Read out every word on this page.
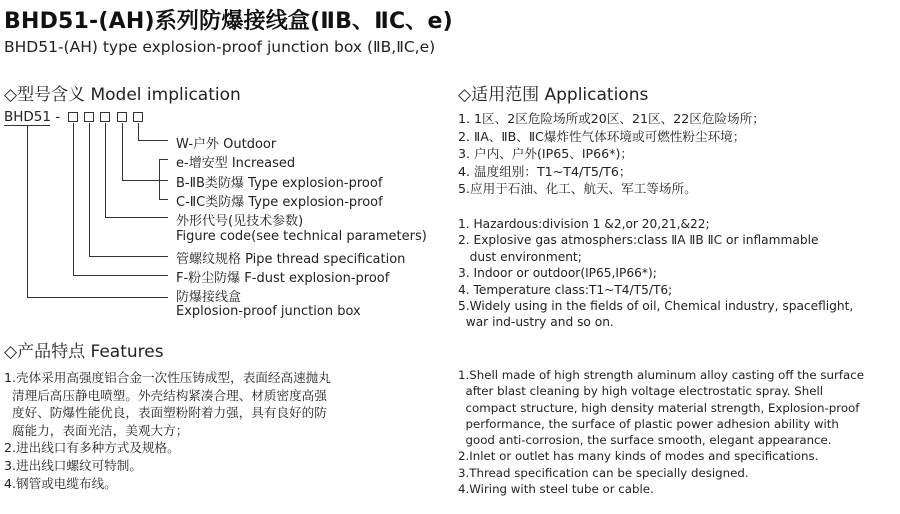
BHD51-(AH)系列防爆接线盒(ⅡB、ⅡC、e)
BHD51-(AH) type explosion-proof junction box (ⅡB,ⅡC,e)
◇型号含义 Model implication
BHD51 -
W-户外 Outdoor
e-增安型 Increased
B-ⅡB类防爆 Type explosion-proof
C-ⅡC类防爆 Type explosion-proof
外形代号(见技术参数)
Figure code(see technical parameters)
管螺纹规格 Pipe thread specification
F-粉尘防爆 F-dust explosion-proof
防爆接线盒
Explosion-proof junction box
◇产品特点 Features
1.壳体采用高强度铝合金一次性压铸成型，表面经高速抛丸
清理后高压静电喷塑。外壳结构紧凑合理、材质密度高强
度好、防爆性能优良，表面塑粉附着力强，具有良好的防
腐能力，表面光洁，美观大方；
2.进出线口有多种方式及规格。
3.进出线口螺纹可特制。
4.钢管或电缆布线。
◇适用范围 Applications
1. 1区、2区危险场所或20区、21区、22区危险场所；
2. ⅡA、ⅡB、ⅡC爆炸性气体环境或可燃性粉尘环境；
3. 户内、户外(IP65、IP66*)；
4. 温度组别：T1~T4/T5/T6；
5.应用于石油、化工、航天、军工等场所。
1. Hazardous:division 1 &2,or 20,21,&22;
2. Explosive gas atmosphers:class ⅡA ⅡB ⅡC or inflammable
dust environment;
3. Indoor or outdoor(IP65,IP66*);
4. Temperature class:T1~T4/T5/T6;
5.Widely using in the fields of oil, Chemical industry, spaceflight,
war ind-ustry and so on.
1.Shell made of high strength aluminum alloy casting off the surface
after blast cleaning by high voltage electrostatic spray. Shell
compact structure, high density material strength, Explosion-proof
performance, the surface of plastic power adhesion ability with
good anti-corrosion, the surface smooth, elegant appearance.
2.Inlet or outlet has many kinds of modes and specifications.
3.Thread specification can be specially designed.
4.Wiring with steel tube or cable.
